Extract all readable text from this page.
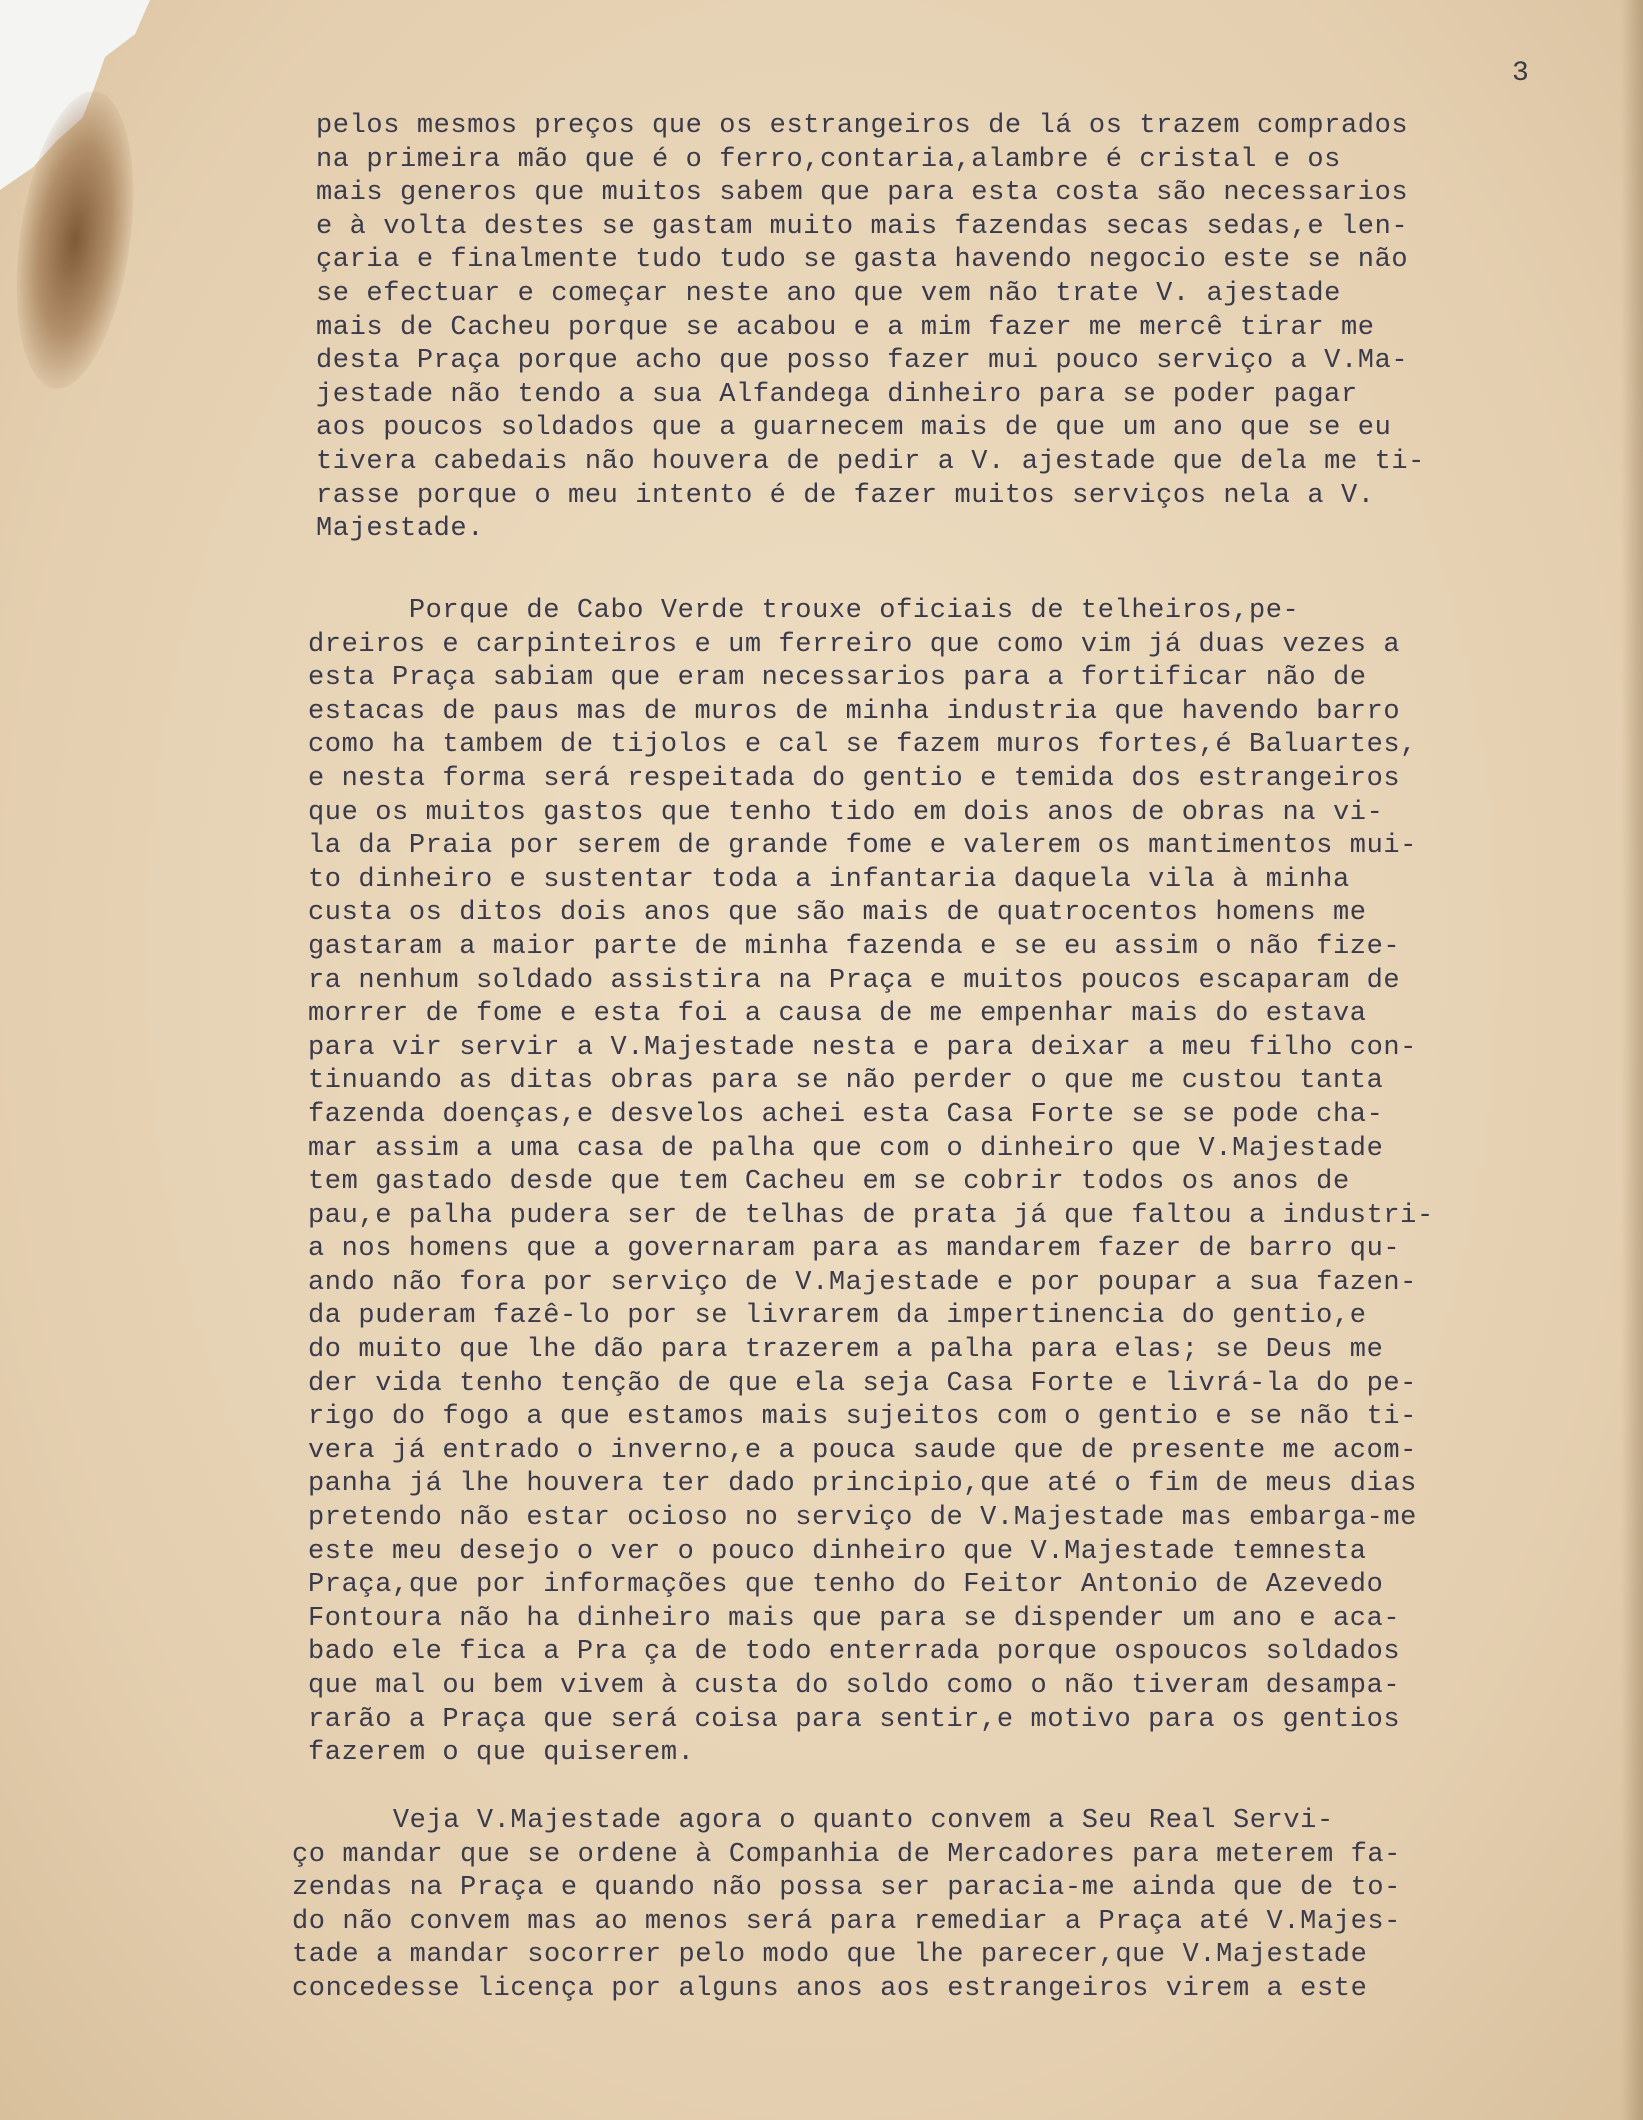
3
pelos mesmos preços que os estrangeiros de lá os trazem comprados
na primeira mão que é o ferro,contaria,alambre é cristal e os
mais generos que muitos sabem que para esta costa são necessarios
e à volta destes se gastam muito mais fazendas secas sedas,e len-
çaria e finalmente tudo tudo se gasta havendo negocio este se não
se efectuar e começar neste ano que vem não trate V. ajestade
mais de Cacheu porque se acabou e a mim fazer me mercê tirar me
desta Praça porque acho que posso fazer mui pouco serviço a V.Ma-
jestade não tendo a sua Alfandega dinheiro para se poder pagar
aos poucos soldados que a guarnecem mais de que um ano que se eu
tivera cabedais não houvera de pedir a V. ajestade que dela me ti-
rasse porque o meu intento é de fazer muitos serviços nela a V.
Majestade.
Porque de Cabo Verde trouxe oficiais de telheiros,pe-
dreiros e carpinteiros e um ferreiro que como vim já duas vezes a
esta Praça sabiam que eram necessarios para a fortificar não de
estacas de paus mas de muros de minha industria que havendo barro
como ha tambem de tijolos e cal se fazem muros fortes,é Baluartes,
e nesta forma será respeitada do gentio e temida dos estrangeiros
que os muitos gastos que tenho tido em dois anos de obras na vi-
la da Praia por serem de grande fome e valerem os mantimentos mui-
to dinheiro e sustentar toda a infantaria daquela vila à minha
custa os ditos dois anos que são mais de quatrocentos homens me
gastaram a maior parte de minha fazenda e se eu assim o não fize-
ra nenhum soldado assistira na Praça e muitos poucos escaparam de
morrer de fome e esta foi a causa de me empenhar mais do estava
para vir servir a V.Majestade nesta e para deixar a meu filho con-
tinuando as ditas obras para se não perder o que me custou tanta
fazenda doenças,e desvelos achei esta Casa Forte se se pode cha-
mar assim a uma casa de palha que com o dinheiro que V.Majestade
tem gastado desde que tem Cacheu em se cobrir todos os anos de
pau,e palha pudera ser de telhas de prata já que faltou a industri-
a nos homens que a governaram para as mandarem fazer de barro qu-
ando não fora por serviço de V.Majestade e por poupar a sua fazen-
da puderam fazê-lo por se livrarem da impertinencia do gentio,e
do muito que lhe dão para trazerem a palha para elas; se Deus me
der vida tenho tenção de que ela seja Casa Forte e livrá-la do pe-
rigo do fogo a que estamos mais sujeitos com o gentio e se não ti-
vera já entrado o inverno,e a pouca saude que de presente me acom-
panha já lhe houvera ter dado principio,que até o fim de meus dias
pretendo não estar ocioso no serviço de V.Majestade mas embarga-me
este meu desejo o ver o pouco dinheiro que V.Majestade temnesta
Praça,que por informações que tenho do Feitor Antonio de Azevedo
Fontoura não ha dinheiro mais que para se dispender um ano e aca-
bado ele fica a Pra ça de todo enterrada porque ospoucos soldados
que mal ou bem vivem à custa do soldo como o não tiveram desampa-
rarão a Praça que será coisa para sentir,e motivo para os gentios
fazerem o que quiserem.
Veja V.Majestade agora o quanto convem a Seu Real Servi-
ço mandar que se ordene à Companhia de Mercadores para meterem fa-
zendas na Praça e quando não possa ser paracia-me ainda que de to-
do não convem mas ao menos será para remediar a Praça até V.Majes-
tade a mandar socorrer pelo modo que lhe parecer,que V.Majestade
concedesse licença por alguns anos aos estrangeiros virem a este
